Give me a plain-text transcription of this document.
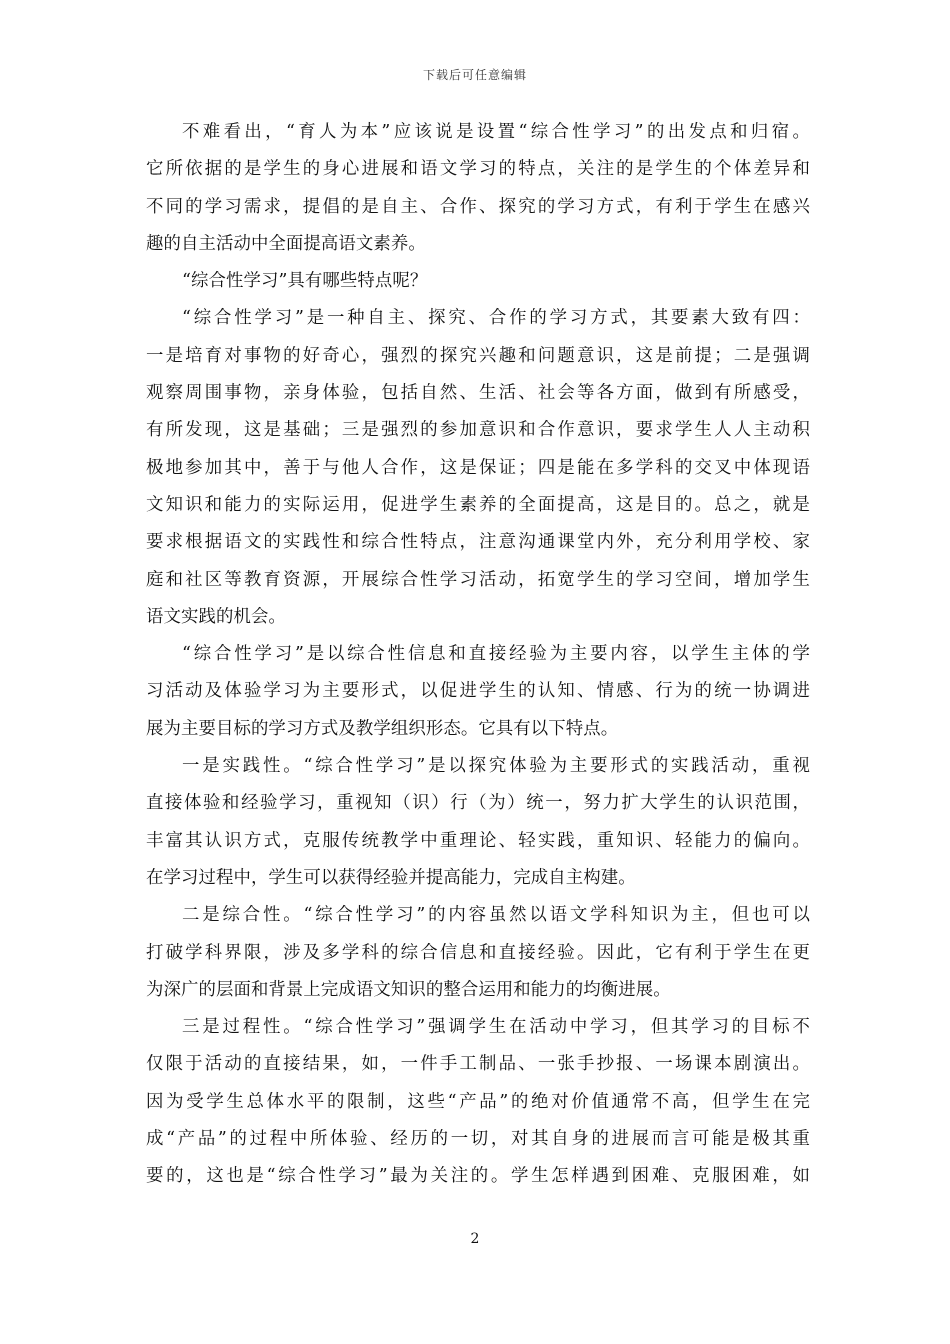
下载后可任意编辑
不难看出，“育人为本”应该说是设置“综合性学习”的出发点和归宿。
它所依据的是学生的身心进展和语文学习的特点，关注的是学生的个体差异和
不同的学习需求，提倡的是自主、合作、探究的学习方式，有利于学生在感兴
趣的自主活动中全面提高语文素养。
“综合性学习”具有哪些特点呢？
“综合性学习”是一种自主、探究、合作的学习方式，其要素大致有四：
一是培育对事物的好奇心，强烈的探究兴趣和问题意识，这是前提；二是强调
观察周围事物，亲身体验，包括自然、生活、社会等各方面，做到有所感受，
有所发现，这是基础；三是强烈的参加意识和合作意识，要求学生人人主动积
极地参加其中，善于与他人合作，这是保证；四是能在多学科的交叉中体现语
文知识和能力的实际运用，促进学生素养的全面提高，这是目的。总之，就是
要求根据语文的实践性和综合性特点，注意沟通课堂内外，充分利用学校、家
庭和社区等教育资源，开展综合性学习活动，拓宽学生的学习空间，增加学生
语文实践的机会。
“综合性学习”是以综合性信息和直接经验为主要内容，以学生主体的学
习活动及体验学习为主要形式，以促进学生的认知、情感、行为的统一协调进
展为主要目标的学习方式及教学组织形态。它具有以下特点。
一是实践性。“综合性学习”是以探究体验为主要形式的实践活动，重视
直接体验和经验学习，重视知（识）行（为）统一，努力扩大学生的认识范围，
丰富其认识方式，克服传统教学中重理论、轻实践，重知识、轻能力的偏向。
在学习过程中，学生可以获得经验并提高能力，完成自主构建。
二是综合性。“综合性学习”的内容虽然以语文学科知识为主，但也可以
打破学科界限，涉及多学科的综合信息和直接经验。因此，它有利于学生在更
为深广的层面和背景上完成语文知识的整合运用和能力的均衡进展。
三是过程性。“综合性学习”强调学生在活动中学习，但其学习的目标不
仅限于活动的直接结果，如，一件手工制品、一张手抄报、一场课本剧演出。
因为受学生总体水平的限制，这些“产品”的绝对价值通常不高，但学生在完
成“产品”的过程中所体验、经历的一切，对其自身的进展而言可能是极其重
要的，这也是“综合性学习”最为关注的。学生怎样遇到困难、克服困难，如
2
